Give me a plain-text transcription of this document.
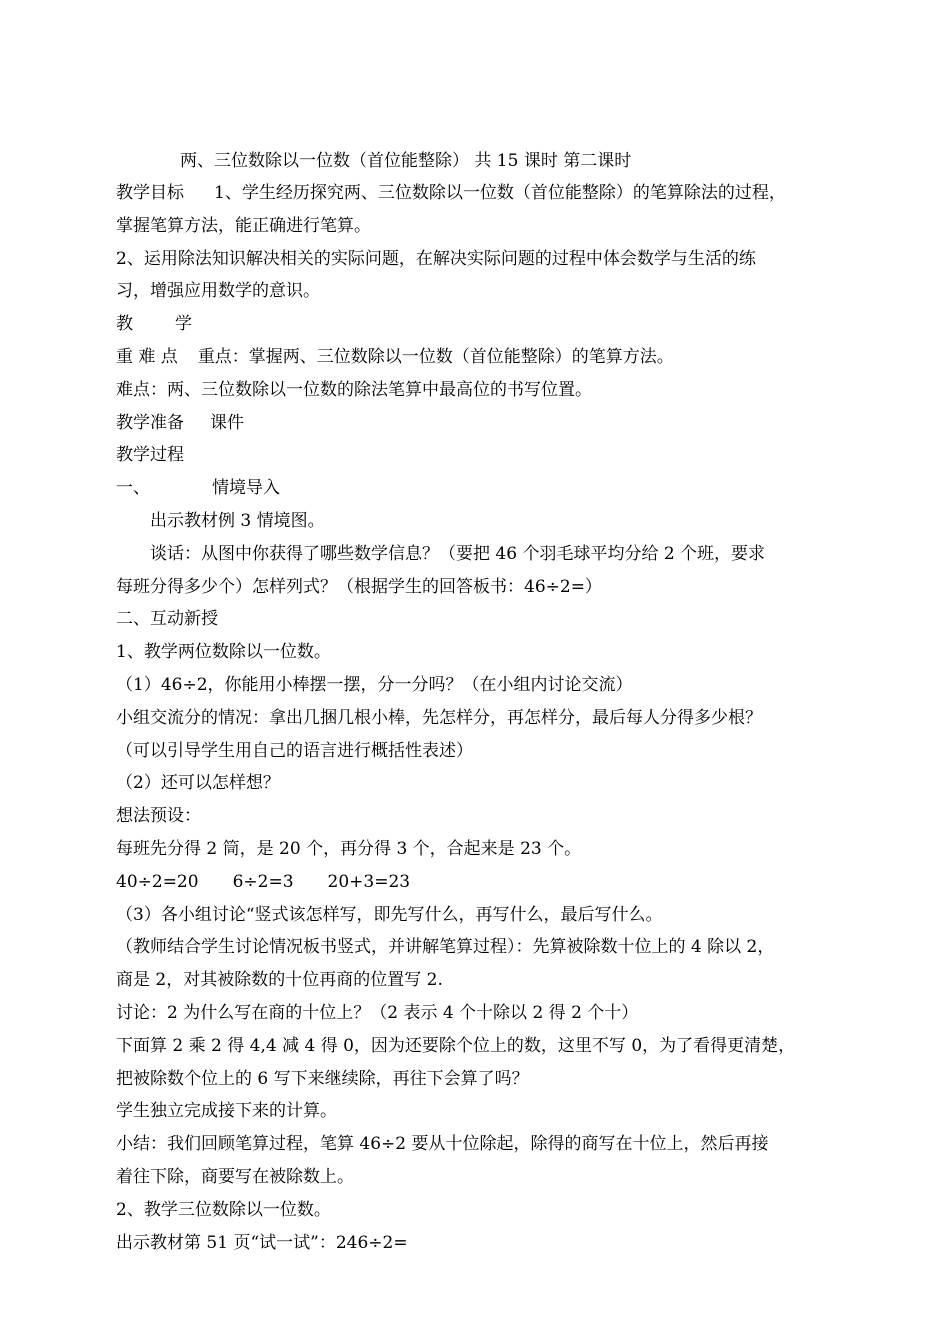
两、三位数除以一位数（首位能整除） 共 15 课时 第二课时

教学目标 1、学生经历探究两、三位数除以一位数（首位能整除）的笔算除法的过程，

掌握笔算方法，能正确进行笔算。

2、运用除法知识解决相关的实际问题，在解决实际问题的过程中体会数学与生活的练

习，增强应用数学的意识。

教 学

重 难 点 重点：掌握两、三位数除以一位数（首位能整除）的笔算方法。

难点：两、三位数除以一位数的除法笔算中最高位的书写位置。

教学准备 课件

教学过程

一、	情境导入

出示教材例 3 情境图。

谈话：从图中你获得了哪些数学信息？（要把 46 个羽毛球平均分给 2 个班，要求

每班分得多少个）怎样列式？（根据学生的回答板书：46÷2=）

二、互动新授

1、教学两位数除以一位数。

（1）46÷2，你能用小棒摆一摆，分一分吗？（在小组内讨论交流）

小组交流分的情况：拿出几捆几根小棒，先怎样分，再怎样分，最后每人分得多少根？

（可以引导学生用自己的语言进行概括性表述）

（2）还可以怎样想？

想法预设：

每班先分得 2 筒，是 20 个，再分得 3 个，合起来是 23 个。

40÷2=20 6÷2=3 20+3=23

（3）各小组讨论“竖式该怎样写，即先写什么，再写什么，最后写什么。

（教师结合学生讨论情况板书竖式，并讲解笔算过程）：先算被除数十位上的 4 除以 2，

商是 2，对其被除数的十位再商的位置写 2.

讨论：2 为什么写在商的十位上？（2 表示 4 个十除以 2 得 2 个十）

下面算 2 乘 2 得 4,4 减 4 得 0，因为还要除个位上的数，这里不写 0，为了看得更清楚，

把被除数个位上的 6 写下来继续除，再往下会算了吗？

学生独立完成接下来的计算。

小结：我们回顾笔算过程，笔算 46÷2 要从十位除起，除得的商写在十位上，然后再接

着往下除，商要写在被除数上。

2、教学三位数除以一位数。

出示教材第 51 页“试一试”：246÷2=
